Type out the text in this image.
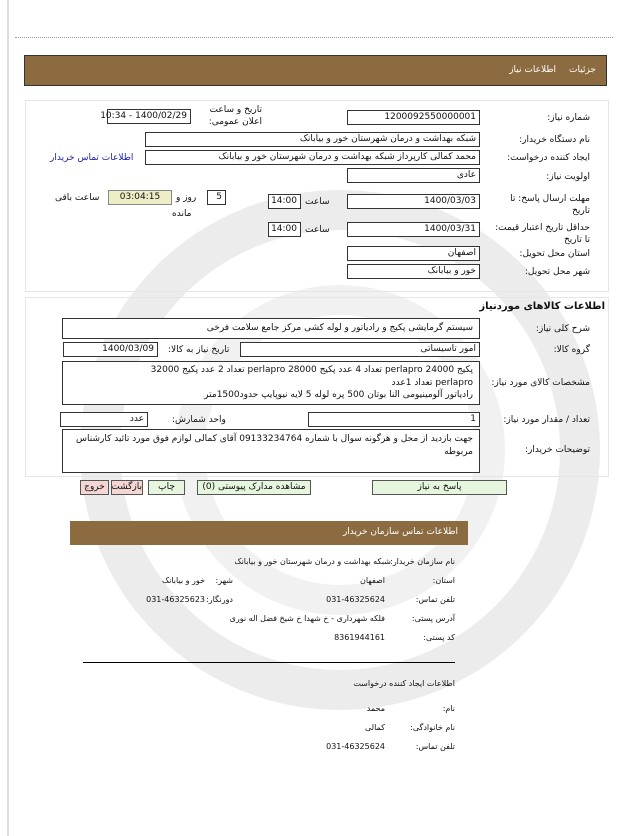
جزئیات
اطلاعات نیاز
شماره نیاز:
1200092550000001
تاریخ و ساعت اعلان عمومی:
1400/02/29 - 10:34
نام دستگاه خریدار:
شبکه بهداشت و درمان شهرستان خور و بیابانک
ایجاد کننده درخواست:
محمد کمالی کارپرداز شبکه بهداشت و درمان شهرستان خور و بیابانک
اطلاعات تماس خریدار
اولویت نیاز:
عادی
مهلت ارسال پاسخ: تا تاریخ
1400/03/03
ساعت
14:00
5
روز و
مانده
03:04:15
ساعت باقی
حداقل تاریخ اعتبار قیمت: تا تاریخ
1400/03/31
ساعت
14:00
استان محل تحویل:
اصفهان
شهر محل تحویل:
خور و بیابانک
اطلاعات کالاهای موردنیاز
شرح کلی نیاز:
سیستم گرمایشی پکیج و رادیاتور و لوله کشی مرکز جامع سلامت فرخی
گروه کالا:
امور تاسیساتی
تاریخ نیاز به کالا:
1400/03/09
مشخصات کالای مورد نیاز:
پکیج perlapro 24000 تعداد 4 عدد پکیج perlapro 28000 تعداد 2 عدد پکیج 32000
perlapro تعداد 1عدد
رادیاتور آلومینیومی النا بوتان 500 پره لوله 5 لایه نیوپایپ حدود1500متر
تعداد / مقدار مورد نیاز:
1
واحد شمارش:
عدد
توضیحات خریدار:
جهت بازدید از محل و هرگونه سوال با شماره 09133234764 آقای کمالی لوازم فوق مورد تائید کارشناس مربوطه
پاسخ به نیاز
مشاهده مدارک پیوستی (0)
چاپ
بازگشت
خروج
اطلاعات تماس سازمان خریدار
نام سازمان خریدار:
شبکه بهداشت و درمان شهرستان خور و بیابانک
استان:
اصفهان
شهر:
خور و بیابانک
تلفن تماس:
031-46325624
دورنگار:
031-46325623
آدرس پستی:
فلکه شهرداری - خ شهدا خ شیخ فضل اله نوری
کد پستی:
8361944161
اطلاعات ایجاد کننده درخواست
نام:
محمد
نام خانوادگی:
کمالی
تلفن تماس:
031-46325624
